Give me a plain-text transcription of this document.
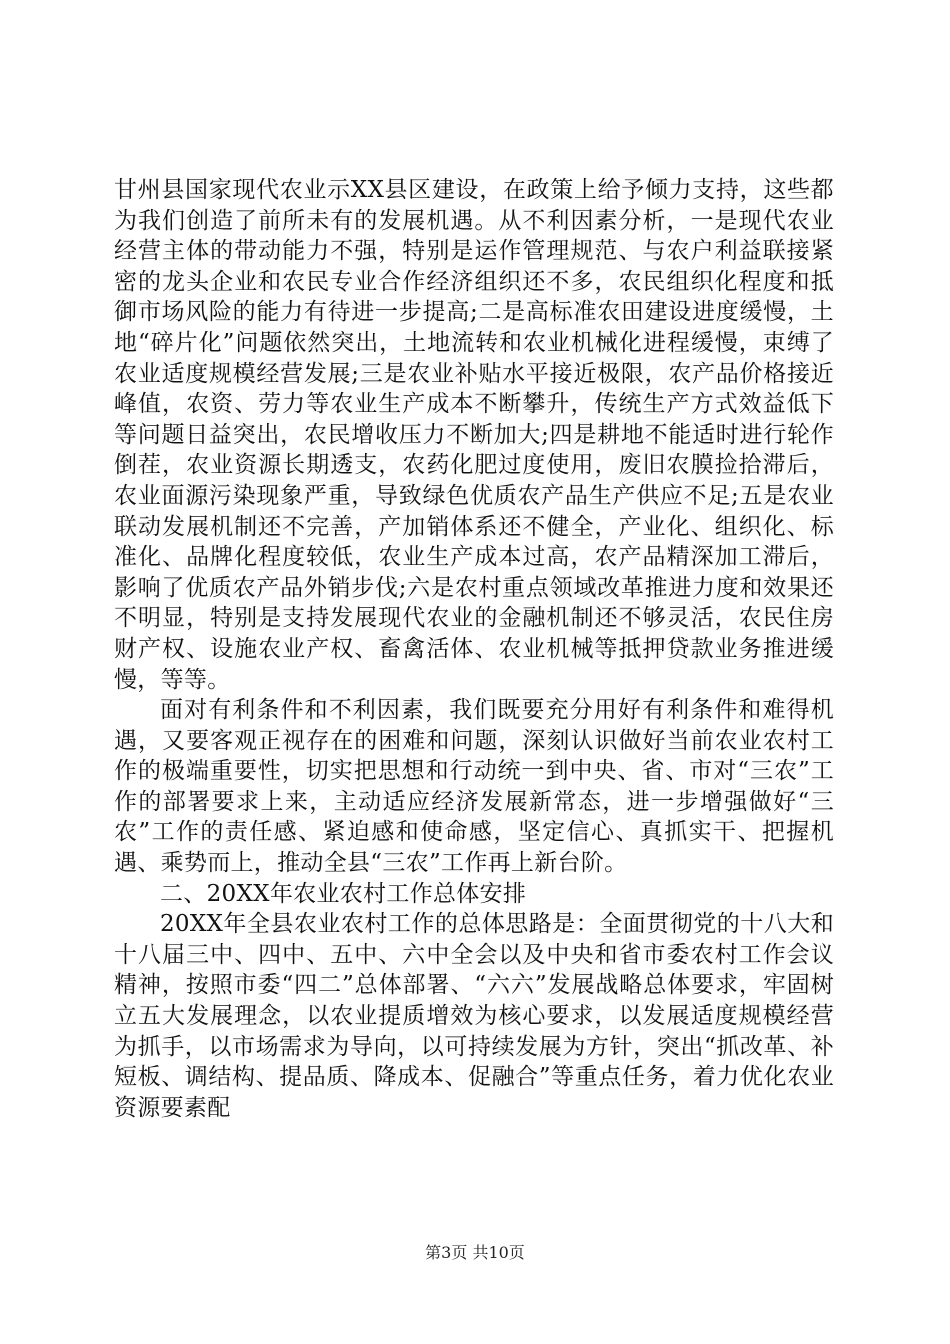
甘州县国家现代农业示XX县区建设，在政策上给予倾力支持，这些都为我们创造了前所未有的发展机遇。从不利因素分析，一是现代农业经营主体的带动能力不强，特别是运作管理规范、与农户利益联接紧密的龙头企业和农民专业合作经济组织还不多，农民组织化程度和抵御市场风险的能力有待进一步提高;二是高标准农田建设进度缓慢，土地“碎片化”问题依然突出，土地流转和农业机械化进程缓慢，束缚了农业适度规模经营发展;三是农业补贴水平接近极限，农产品价格接近峰值，农资、劳力等农业生产成本不断攀升，传统生产方式效益低下等问题日益突出，农民增收压力不断加大;四是耕地不能适时进行轮作倒茬，农业资源长期透支，农药化肥过度使用，废旧农膜捡拾滞后，农业面源污染现象严重，导致绿色优质农产品生产供应不足;五是农业联动发展机制还不完善，产加销体系还不健全，产业化、组织化、标准化、品牌化程度较低，农业生产成本过高，农产品精深加工滞后，影响了优质农产品外销步伐;六是农村重点领域改革推进力度和效果还不明显，特别是支持发展现代农业的金融机制还不够灵活，农民住房财产权、设施农业产权、畜禽活体、农业机械等抵押贷款业务推进缓慢，等等。

面对有利条件和不利因素，我们既要充分用好有利条件和难得机遇，又要客观正视存在的困难和问题，深刻认识做好当前农业农村工作的极端重要性，切实把思想和行动统一到中央、省、市对“三农”工作的部署要求上来，主动适应经济发展新常态，进一步增强做好“三农”工作的责任感、紧迫感和使命感，坚定信心、真抓实干、把握机遇、乘势而上，推动全县“三农”工作再上新台阶。

二、20XX年农业农村工作总体安排

20XX年全县农业农村工作的总体思路是：全面贯彻党的十八大和十八届三中、四中、五中、六中全会以及中央和省市委农村工作会议精神，按照市委“四二”总体部署、“六六”发展战略总体要求，牢固树立五大发展理念，以农业提质增效为核心要求，以发展适度规模经营为抓手，以市场需求为导向，以可持续发展为方针，突出“抓改革、补短板、调结构、提品质、降成本、促融合”等重点任务，着力优化农业资源要素配

第3页 共10页
